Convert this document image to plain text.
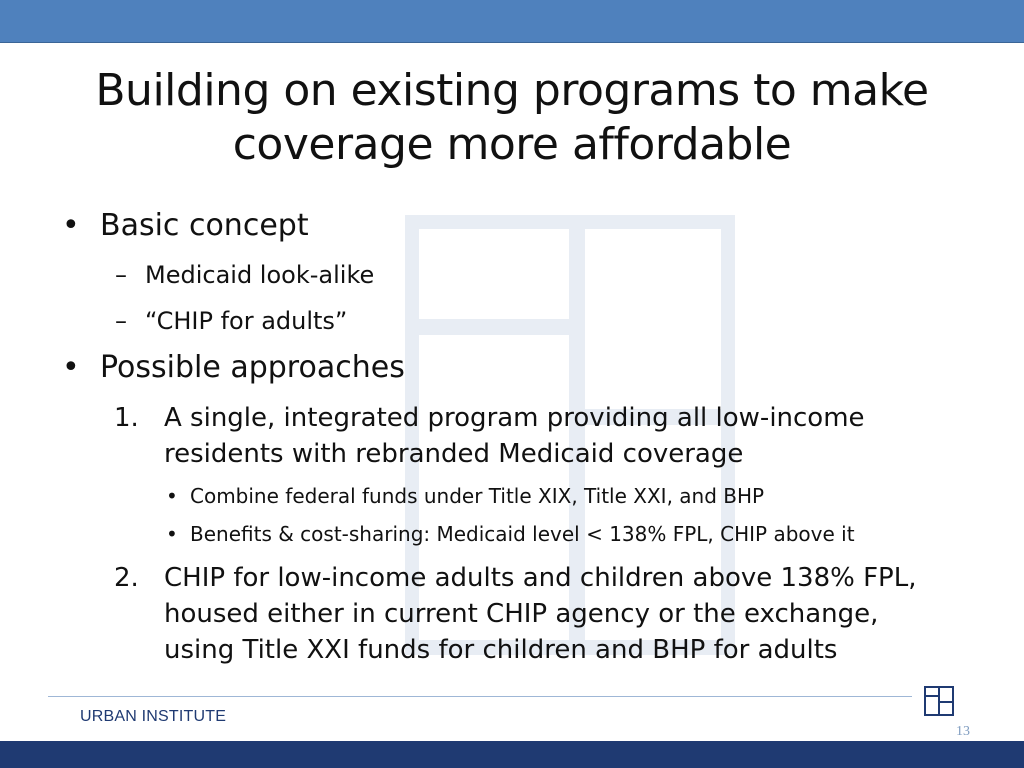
Building on existing programs to make
coverage more affordable
• Basic concept
– Medicaid look-alike
– “CHIP for adults”
• Possible approaches
1. A single, integrated program providing all low-income
residents with rebranded Medicaid coverage
• Combine federal funds under Title XIX, Title XXI, and BHP
• Benefits & cost-sharing: Medicaid level < 138% FPL, CHIP above it
2. CHIP for low-income adults and children above 138% FPL,
housed either in current CHIP agency or the exchange,
using Title XXI funds for children and BHP for adults
URBAN INSTITUTE
13
